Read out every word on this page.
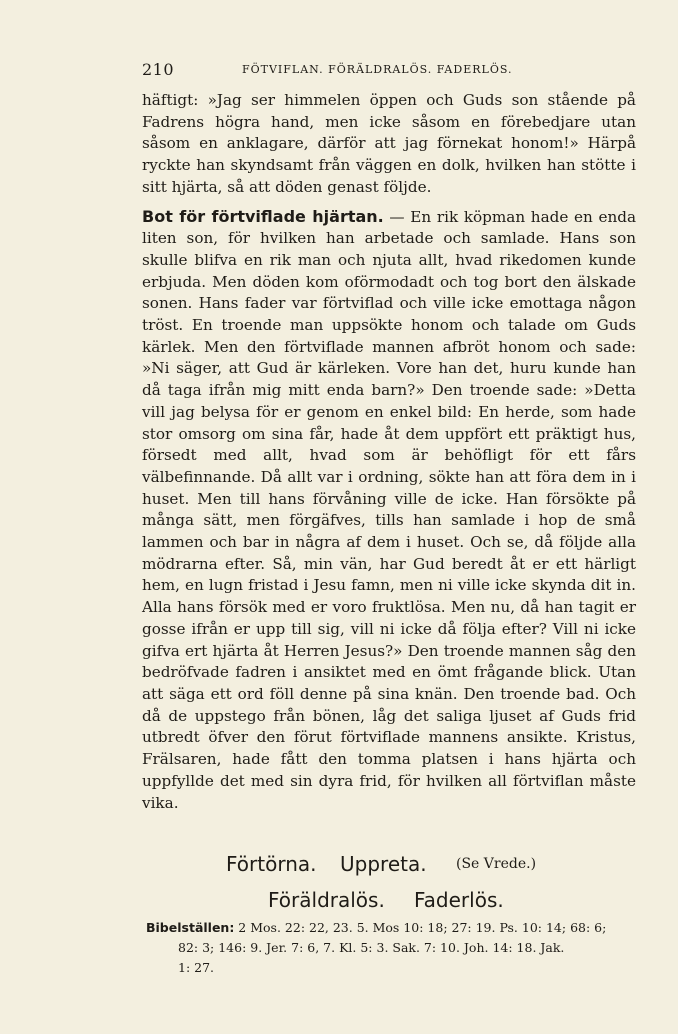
210	FÖTVIFLAN. FÖRÄLDRALÖS. FADERLÖS.

häftigt: »Jag ser himmelen öppen och Guds son stående på Fadrens högra hand, men icke såsom en förebedjare utan såsom en anklagare, därför att jag förnekat honom!» Härpå ryckte han skyndsamt från väggen en dolk, hvilken han stötte i sitt hjärta, så att döden genast följde.

Bot för förtviflade hjärtan. — En rik köpman hade en enda liten son, för hvilken han arbetade och samlade. Hans son skulle blifva en rik man och njuta allt, hvad rikedomen kunde erbjuda. Men döden kom oförmodadt och tog bort den älskade sonen. Hans fader var förtviflad och ville icke emottaga någon tröst. En troende man uppsökte honom och talade om Guds kärlek. Men den förtviflade mannen afbröt honom och sade: »Ni säger, att Gud är kärleken. Vore han det, huru kunde han då taga ifrån mig mitt enda barn?» Den troende sade: »Detta vill jag belysa för er genom en enkel bild: En herde, som hade stor omsorg om sina får, hade åt dem uppfört ett präktigt hus, försedt med allt, hvad som är behöfligt för ett fårs välbefinnande. Då allt var i ordning, sökte han att föra dem in i huset. Men till hans förvåning ville de icke. Han försökte på många sätt, men förgäfves, tills han samlade i hop de små lammen och bar in några af dem i huset. Och se, då följde alla mödrarna efter. Så, min vän, har Gud beredt åt er ett härligt hem, en lugn fristad i Jesu famn, men ni ville icke skynda dit in. Alla hans försök med er voro fruktlösa. Men nu, då han tagit er gosse ifrån er upp till sig, vill ni icke då följa efter? Vill ni icke gifva ert hjärta åt Herren Jesus?» Den troende mannen såg den bedröfvade fadren i ansiktet med en ömt frågande blick. Utan att säga ett ord föll denne på sina knän. Den troende bad. Och då de uppstego från bönen, låg det saliga ljuset af Guds frid utbredt öfver den förut förtviflade mannens ansikte. Kristus, Frälsaren, hade fått den tomma platsen i hans hjärta och uppfyllde det med sin dyra frid, för hvilken all förtviflan måste vika.

Förtörna. Uppreta. (Se Vrede.)
Föräldralös. Faderlös.
Bibelställen: 2 Mos. 22: 22, 23. 5. Mos 10: 18; 27: 19. Ps. 10: 14; 68: 6;
82: 3; 146: 9. Jer. 7: 6, 7. Kl. 5: 3. Sak. 7: 10. Joh. 14: 18. Jak.
1: 27.
